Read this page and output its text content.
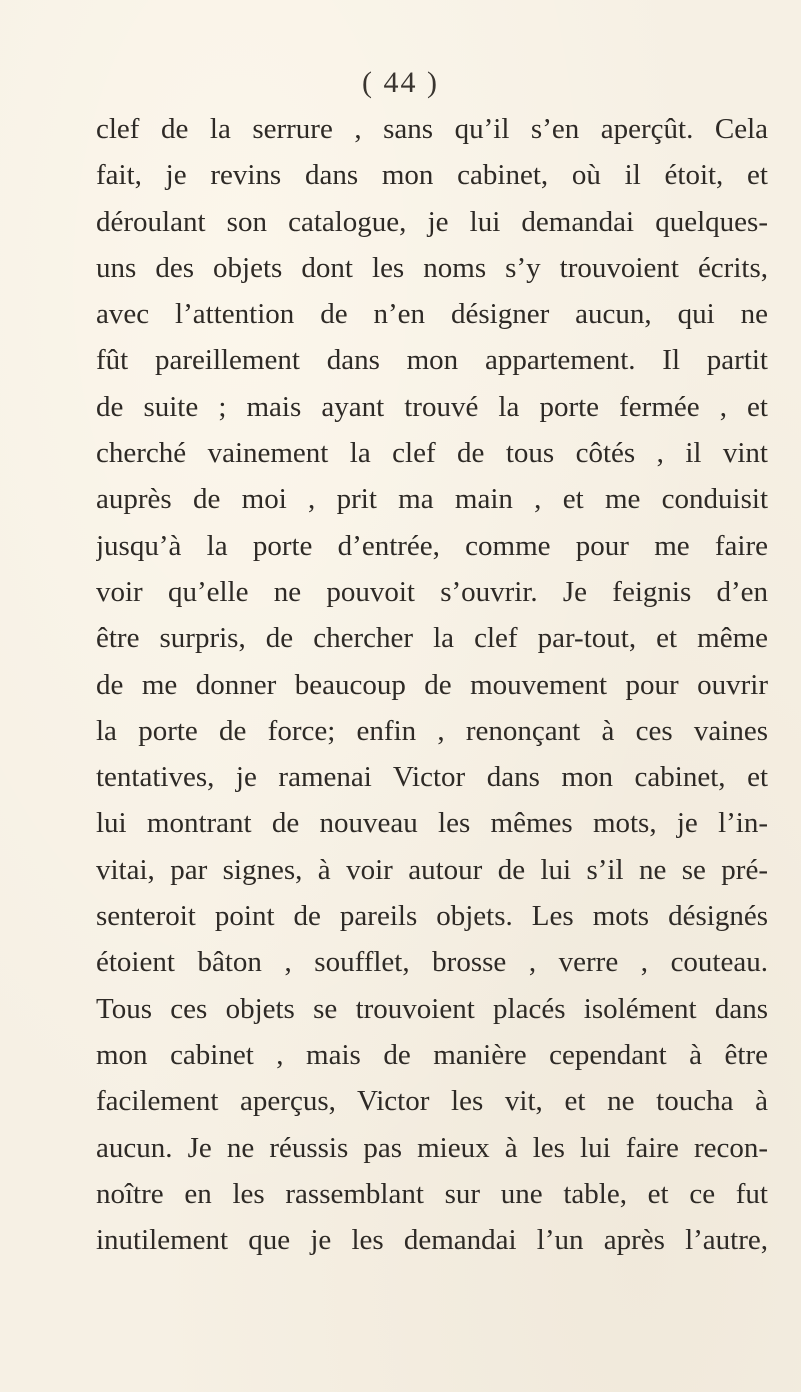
( 44 )
clef de la serrure , sans qu’il s’en aperçût. Cela
fait, je revins dans mon cabinet, où il étoit, et
déroulant son catalogue, je lui demandai quelques-
uns des objets dont les noms s’y trouvoient écrits,
avec l’attention de n’en désigner aucun, qui ne
fût pareillement dans mon appartement. Il partit
de suite ; mais ayant trouvé la porte fermée , et
cherché vainement la clef de tous côtés , il vint
auprès de moi , prit ma main , et me conduisit
jusqu’à la porte d’entrée, comme pour me faire
voir qu’elle ne pouvoit s’ouvrir. Je feignis d’en
être surpris, de chercher la clef par-tout, et même
de me donner beaucoup de mouvement pour ouvrir
la porte de force; enfin , renonçant à ces vaines
tentatives, je ramenai Victor dans mon cabinet, et
lui montrant de nouveau les mêmes mots, je l’in-
vitai, par signes, à voir autour de lui s’il ne se pré-
senteroit point de pareils objets. Les mots désignés
étoient bâton , soufflet, brosse , verre , couteau.
Tous ces objets se trouvoient placés isolément dans
mon cabinet , mais de manière cependant à être
facilement aperçus, Victor les vit, et ne toucha à
aucun. Je ne réussis pas mieux à les lui faire recon-
noître en les rassemblant sur une table, et ce fut
inutilement que je les demandai l’un après l’autre,
